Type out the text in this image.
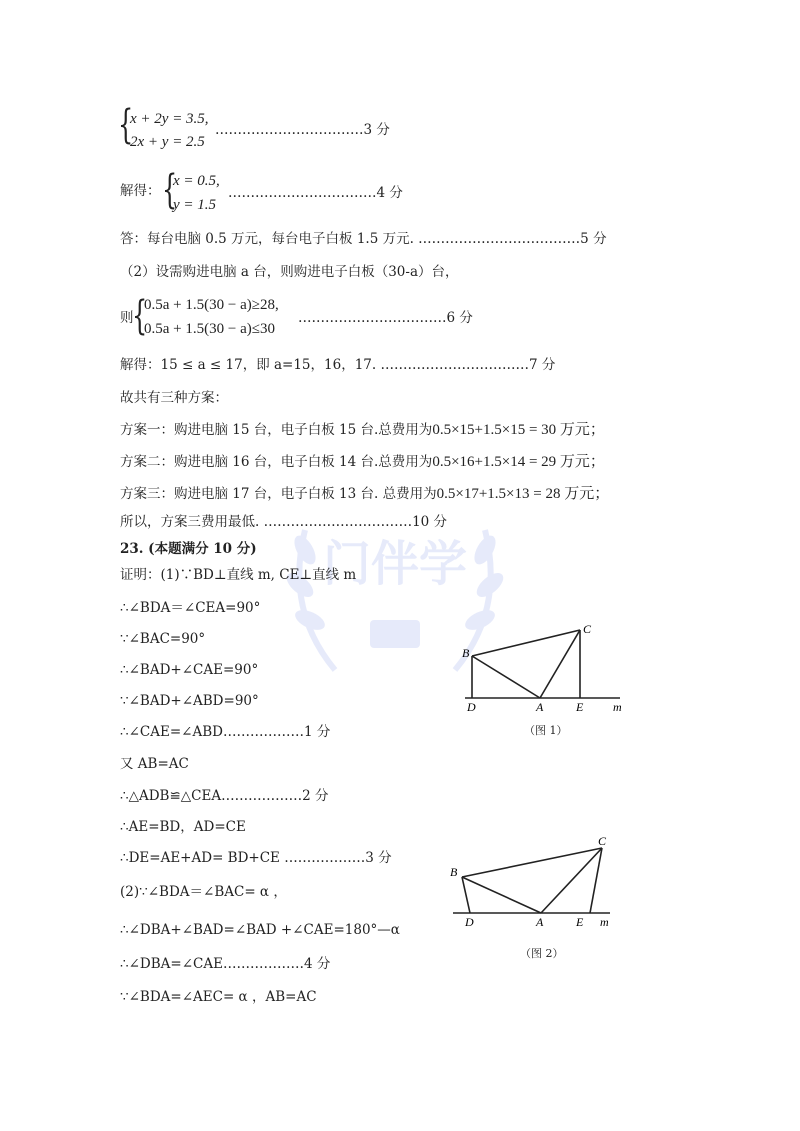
门伴学
{
x + 2y = 3.5,
2x + y = 2.5
……………………………3 分
解得： {
x = 0.5,
y = 1.5
……………………………4 分
答：每台电脑 0.5 万元，每台电子白板 1.5 万元. ………………………………5 分
（2）设需购进电脑 a 台，则购进电子白板（30-a）台，
则
{
0.5a + 1.5(30 − a)≥28,
0.5a + 1.5(30 − a)≤30
……………………………6 分
解得：15 ≤ a ≤ 17，即 a=15，16，17. ……………………………7 分
故共有三种方案：
方案一：购进电脑 15 台，电子白板 15 台.总费用为0.5×15+1.5×15 = 30 万元；
方案二：购进电脑 16 台，电子白板 14 台.总费用为0.5×16+1.5×14 = 29 万元；
方案三：购进电脑 17 台，电子白板 13 台. 总费用为0.5×17+1.5×13 = 28 万元；
所以，方案三费用最低. ……………………………10 分
23. (本题满分 10 分)
证明：(1)∵BD⊥直线 m, CE⊥直线 m
∴∠BDA＝∠CEA=90°
∵∠BAC=90°
∴∠BAD+∠CAE=90°
∵∠BAD+∠ABD=90°
∴∠CAE=∠ABD………………1 分
又 AB=AC
∴△ADB≌△CEA………………2 分
∴AE=BD，AD=CE
∴DE=AE+AD= BD+CE ………………3 分
(2)∵∠BDA＝∠BAC= α ，
∴∠DBA+∠BAD=∠BAD +∠CAE=180°—α
∴∠DBA=∠CAE………………4 分
∵∠BDA=∠AEC= α ，AB=AC
B
C
D	A	E m
（图 1）
B
C
D	A	E m
（图 2）
